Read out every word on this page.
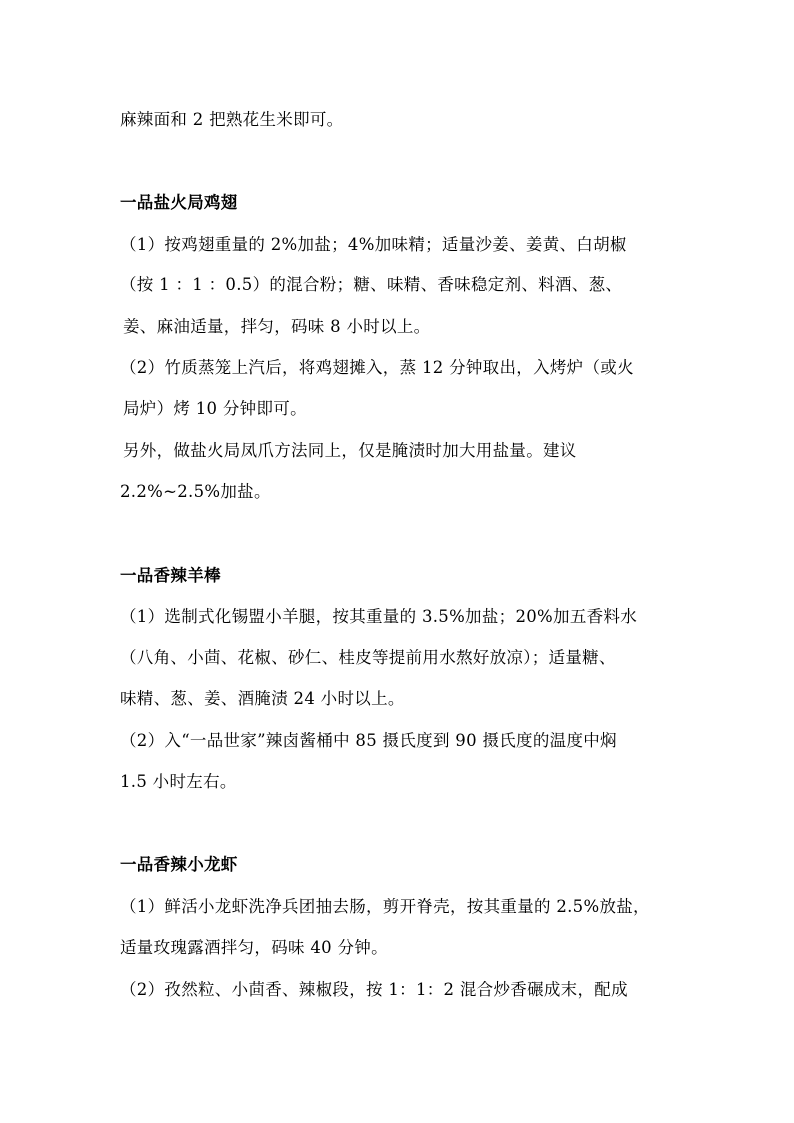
麻辣面和 2 把熟花生米即可。
一品盐火局鸡翅
（1）按鸡翅重量的 2%加盐；4%加味精；适量沙姜、姜黄、白胡椒
（按 1 ：1 ：0.5）的混合粉；糖、味精、香味稳定剂、料酒、葱、
姜、麻油适量，拌匀，码味 8 小时以上。
（2）竹质蒸笼上汽后，将鸡翅摊入，蒸 12 分钟取出，入烤炉（或火
局炉）烤 10 分钟即可。
另外，做盐火局凤爪方法同上，仅是腌渍时加大用盐量。建议
2.2%~2.5%加盐。
一品香辣羊棒
（1）选制式化锡盟小羊腿，按其重量的 3.5%加盐；20%加五香料水
（八角、小茴、花椒、砂仁、桂皮等提前用水熬好放凉）；适量糖、
味精、葱、姜、酒腌渍 24 小时以上。
（2）入“一品世家”辣卤酱桶中 85 摄氏度到 90 摄氏度的温度中焖
1.5 小时左右。
一品香辣小龙虾
（1）鲜活小龙虾洗净兵团抽去肠，剪开脊壳，按其重量的 2.5%放盐，
适量玫瑰露酒拌匀，码味 40 分钟。
（2）孜然粒、小茴香、辣椒段，按 1：1：2 混合炒香碾成末，配成
